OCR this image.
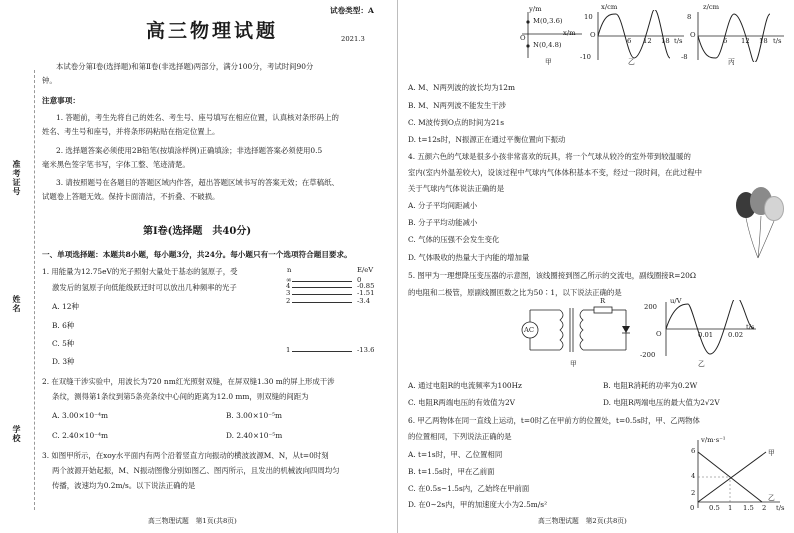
试卷类型：A
高三物理试题	2021.3
准考证号
姓名
学校
本试卷分第Ⅰ卷(选择题)和第Ⅱ卷(非选择题)两部分，满分100分，考试时间90分
钟。
注意事项：
1. 答题前，考生先将自己的姓名、考生号、座号填写在相应位置，认真核对条形码上的
姓名、考生号和座号，并将条形码粘贴在指定位置上。
2. 选择题答案必须使用2B铅笔(按填涂样例)正确填涂；非选择题答案必须使用0.5
毫米黑色签字笔书写，字体工整、笔迹清楚。
3. 请按照题号在各题目的答题区域内作答，超出答题区域书写的答案无效；在草稿纸、
试题卷上答题无效。保持卡面清洁，不折叠、不破损。
第Ⅰ卷(选择题　共40分)
一、单项选择题：本题共8小题，每小题3分，共24分。每小题只有一个选项符合题目要求。
1. 用能量为12.75eV的光子照射大量处于基态的氢原子，受
激发后的氢原子向低能级跃迁时可以放出几种频率的光子
A. 12种
B. 6种
C. 5种
D. 3种
n	E/eV
∞	0
4	-0.85
3	-1.51
2	-3.4
1	-13.6
2. 在双缝干涉实验中，用波长为720 nm红光照射双缝，在屏双缝1.30 m的屏上形成干涉
条纹，测得第1条纹到第5条亮条纹中心间的距离为12.0 mm，则双缝的间距为
A. 3.00×10⁻⁴m	B. 3.00×10⁻⁵m
C. 2.40×10⁻⁴m	D. 2.40×10⁻⁵m
3. 如图甲所示，在xoy水平面内有两个沿着竖直方向振动的横波波源M、N，从t=0时刻
两个波源开始起振，M、N振动图像分别如图乙、图丙所示，且发出的机械波向四周均匀
传播，波速均为0.2m/s。以下说法正确的是
高三物理试题　第1页(共8页)
y/m
M(0,3.6)
x/m
O
N(0,4.8)
甲
x/cm
10
O
6 12 18 t/s
-10
乙
z/cm
8
O
6 12 18 t/s
-8
丙
A. M、N两列波的波长均为12m
B. M、N两列波不能发生干涉
C. M波传到O点的时间为21s
D. t=12s时，N振源正在通过平衡位置向下振动
4. 五颜六色的气球是很多小孩非常喜欢的玩具，将一个气球从较冷的室外带到较温暖的
室内(室内外温差较大)，设该过程中气球内气体体积基本不变，经过一段时间，在此过程中
关于气球内气体说法正确的是
A. 分子平均间距减小
B. 分子平均动能减小
C. 气体的压强不会发生变化
D. 气体吸收的热量大于内能的增加量
5. 图甲为一理想降压变压器的示意图，该线圈接到图乙所示的交流电，副线圈接R=20Ω
的电阻和二极管，原副线圈匝数之比为50∶1，以下说法正确的是
AC
R
甲
u/V
200
O	0.01 0.02
t/s
-200
乙
A. 通过电阻R的电流频率为100Hz	B. 电阻R消耗的功率为0.2W
C. 电阻R两端电压的有效值为2V	D. 电阻R两端电压的最大值为2√2V
6. 甲乙两物体在同一直线上运动，t=0时乙在甲前方的位置处，t=0.5s时，甲、乙两物体
的位置相同，下列说法正确的是
A. t=1s时，甲、乙位置相同
B. t=1.5s时，甲在乙前面
C. 在0.5s~1.5s内，乙始终在甲前面
D. 在0~2s内，甲的加速度大小为2.5m/s²
v/m·s⁻¹
6
4
2
甲
乙
0 0.5 1 1.5 2 t/s
高三物理试题　第2页(共8页)
